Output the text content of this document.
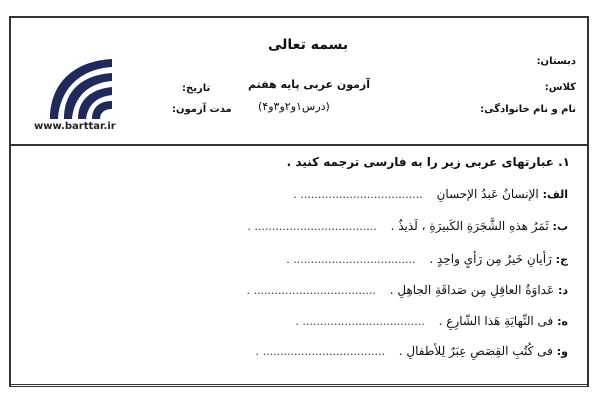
بسمه تعالی
آزمون عربی پایه هفتم
(درس۱و۲و۳و۴)
دبستان:
کلاس:
نام و نام خانوادگی:
تاریخ:
مدت آزمون:
www.barttar.ir
۱. عبارتهای عربی زیر را به فارسی ترجمه کنید .
الف: الإنسانُ عَبدُ الإحسانِ ................................... .
ب: ثَمَرُ هذهِ الشَّجَرَةِ الکَبیرَةِ ، لَذیذٌ . ................................... .
ج: رَأیانِ خَیرٌ مِن رَأیٍ واحِدٍ . ................................... .
د: عَداوَةُ العاقِلِ مِن صَداقَةِ الجاهِلِ . ................................... .
ه: فی النِّهایَةِ هَذا الشّارِعِ . ................................... .
و: فی کُتُبِ القِصَصِ عِبَرٌ لِلأطفالِ . ................................... .
